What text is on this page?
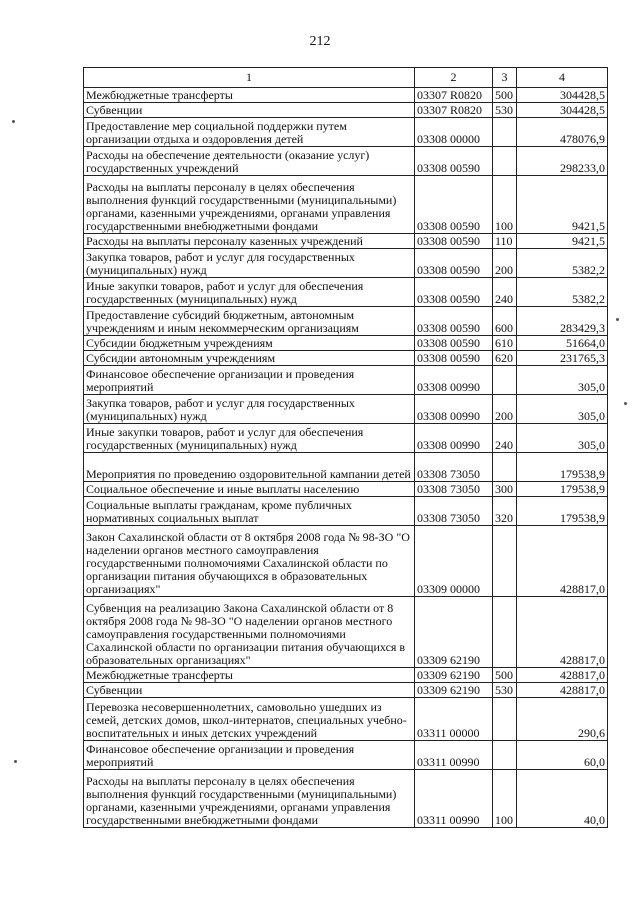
212
1	2	3	4
Межбюджетные трансферты	03307 R0820	500	304428,5
Субвенции	03307 R0820	530	304428,5
Предоставление мер социальной поддержки путем организации отдыха и оздоровления детей	03308 00000		478076,9
Расходы на обеспечение деятельности (оказание услуг) государственных учреждений	03308 00590		298233,0
Расходы на выплаты персоналу в целях обеспечения выполнения функций государственными (муниципальными) органами, казенными учреждениями, органами управления государственными внебюджетными фондами	03308 00590	100	9421,5
Расходы на выплаты персоналу казенных учреждений	03308 00590	110	9421,5
Закупка товаров, работ и услуг для государственных (муниципальных) нужд	03308 00590	200	5382,2
Иные закупки товаров, работ и услуг для обеспечения государственных (муниципальных) нужд	03308 00590	240	5382,2
Предоставление субсидий бюджетным, автономным учреждениям и иным некоммерческим организациям	03308 00590	600	283429,3
Субсидии бюджетным учреждениям	03308 00590	610	51664,0
Субсидии автономным учреждениям	03308 00590	620	231765,3
Финансовое обеспечение организации и проведения мероприятий	03308 00990		305,0
Закупка товаров, работ и услуг для государственных (муниципальных) нужд	03308 00990	200	305,0
Иные закупки товаров, работ и услуг для обеспечения государственных (муниципальных) нужд	03308 00990	240	305,0
Мероприятия по проведению оздоровительной кампании детей	03308 73050		179538,9
Социальное обеспечение и иные выплаты населению	03308 73050	300	179538,9
Социальные выплаты гражданам, кроме публичных нормативных социальных выплат	03308 73050	320	179538,9
Закон Сахалинской области от 8 октября 2008 года № 98-ЗО "О наделении органов местного самоуправления государственными полномочиями Сахалинской области по организации питания обучающихся в образовательных организациях"	03309 00000		428817,0
Субвенция на реализацию Закона Сахалинской области от 8 октября 2008 года № 98-ЗО "О наделении органов местного самоуправления государственными полномочиями Сахалинской области по организации питания обучающихся в образовательных организациях"	03309 62190		428817,0
Межбюджетные трансферты	03309 62190	500	428817,0
Субвенции	03309 62190	530	428817,0
Перевозка несовершеннолетних, самовольно ушедших из семей, детских домов, школ-интернатов, специальных учебно-воспитательных и иных детских учреждений	03311 00000		290,6
Финансовое обеспечение организации и проведения мероприятий	03311 00990		60,0
Расходы на выплаты персоналу в целях обеспечения выполнения функций государственными (муниципальными) органами, казенными учреждениями, органами управления государственными внебюджетными фондами	03311 00990	100	40,0
